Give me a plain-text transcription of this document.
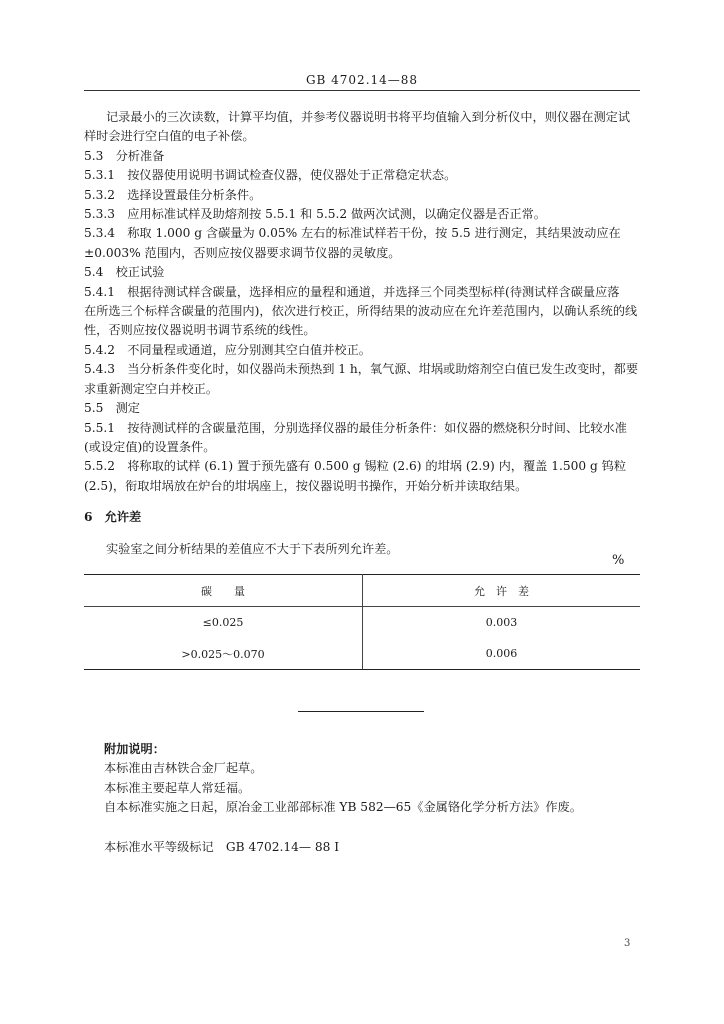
GB 4702.14—88

记录最小的三次读数，计算平均值，并参考仪器说明书将平均值输入到分析仪中，则仪器在测定试

样时会进行空白值的电子补偿。

5.3　分析准备

5.3.1　按仪器使用说明书调试检查仪器，使仪器处于正常稳定状态。

5.3.2　选择设置最佳分析条件。

5.3.3　应用标准试样及助熔剂按 5.5.1 和 5.5.2 做两次试测，以确定仪器是否正常。

5.3.4　称取 1.000 g 含碳量为 0.05% 左右的标准试样若干份，按 5.5 进行测定，其结果波动应在

±0.003% 范围内，否则应按仪器要求调节仪器的灵敏度。

5.4　校正试验

5.4.1　根据待测试样含碳量，选择相应的量程和通道，并选择三个同类型标样(待测试样含碳量应落

在所选三个标样含碳量的范围内)，依次进行校正，所得结果的波动应在允许差范围内，以确认系统的线

性，否则应按仪器说明书调节系统的线性。

5.4.2　不同量程或通道，应分别测其空白值并校正。

5.4.3　当分析条件变化时，如仪器尚未预热到 1 h，氧气源、坩埚或助熔剂空白值已发生改变时，都要

求重新测定空白并校正。

5.5　测定

5.5.1　按待测试样的含碳量范围，分别选择仪器的最佳分析条件：如仪器的燃烧积分时间、比较水准

(或设定值)的设置条件。

5.5.2　将称取的试样 (6.1) 置于预先盛有 0.500 g 锡粒 (2.6) 的坩埚 (2.9) 内，覆盖 1.500 g 钨粒

(2.5)，衔取坩埚放在炉台的坩埚座上，按仪器说明书操作，开始分析并读取结果。

6　允许差

实验室之间分析结果的差值应不大于下表所列允许差。

%
碳　　量	允　许　差
≤0.025	0.003
>0.025～0.070	0.006
附加说明：
本标准由吉林铁合金厂起草。
本标准主要起草人常廷福。
自本标准实施之日起，原冶金工业部部标准 YB 582—65《金属铬化学分析方法》作废。
本标准水平等级标记　GB 4702.14— 88 Ⅰ
3
